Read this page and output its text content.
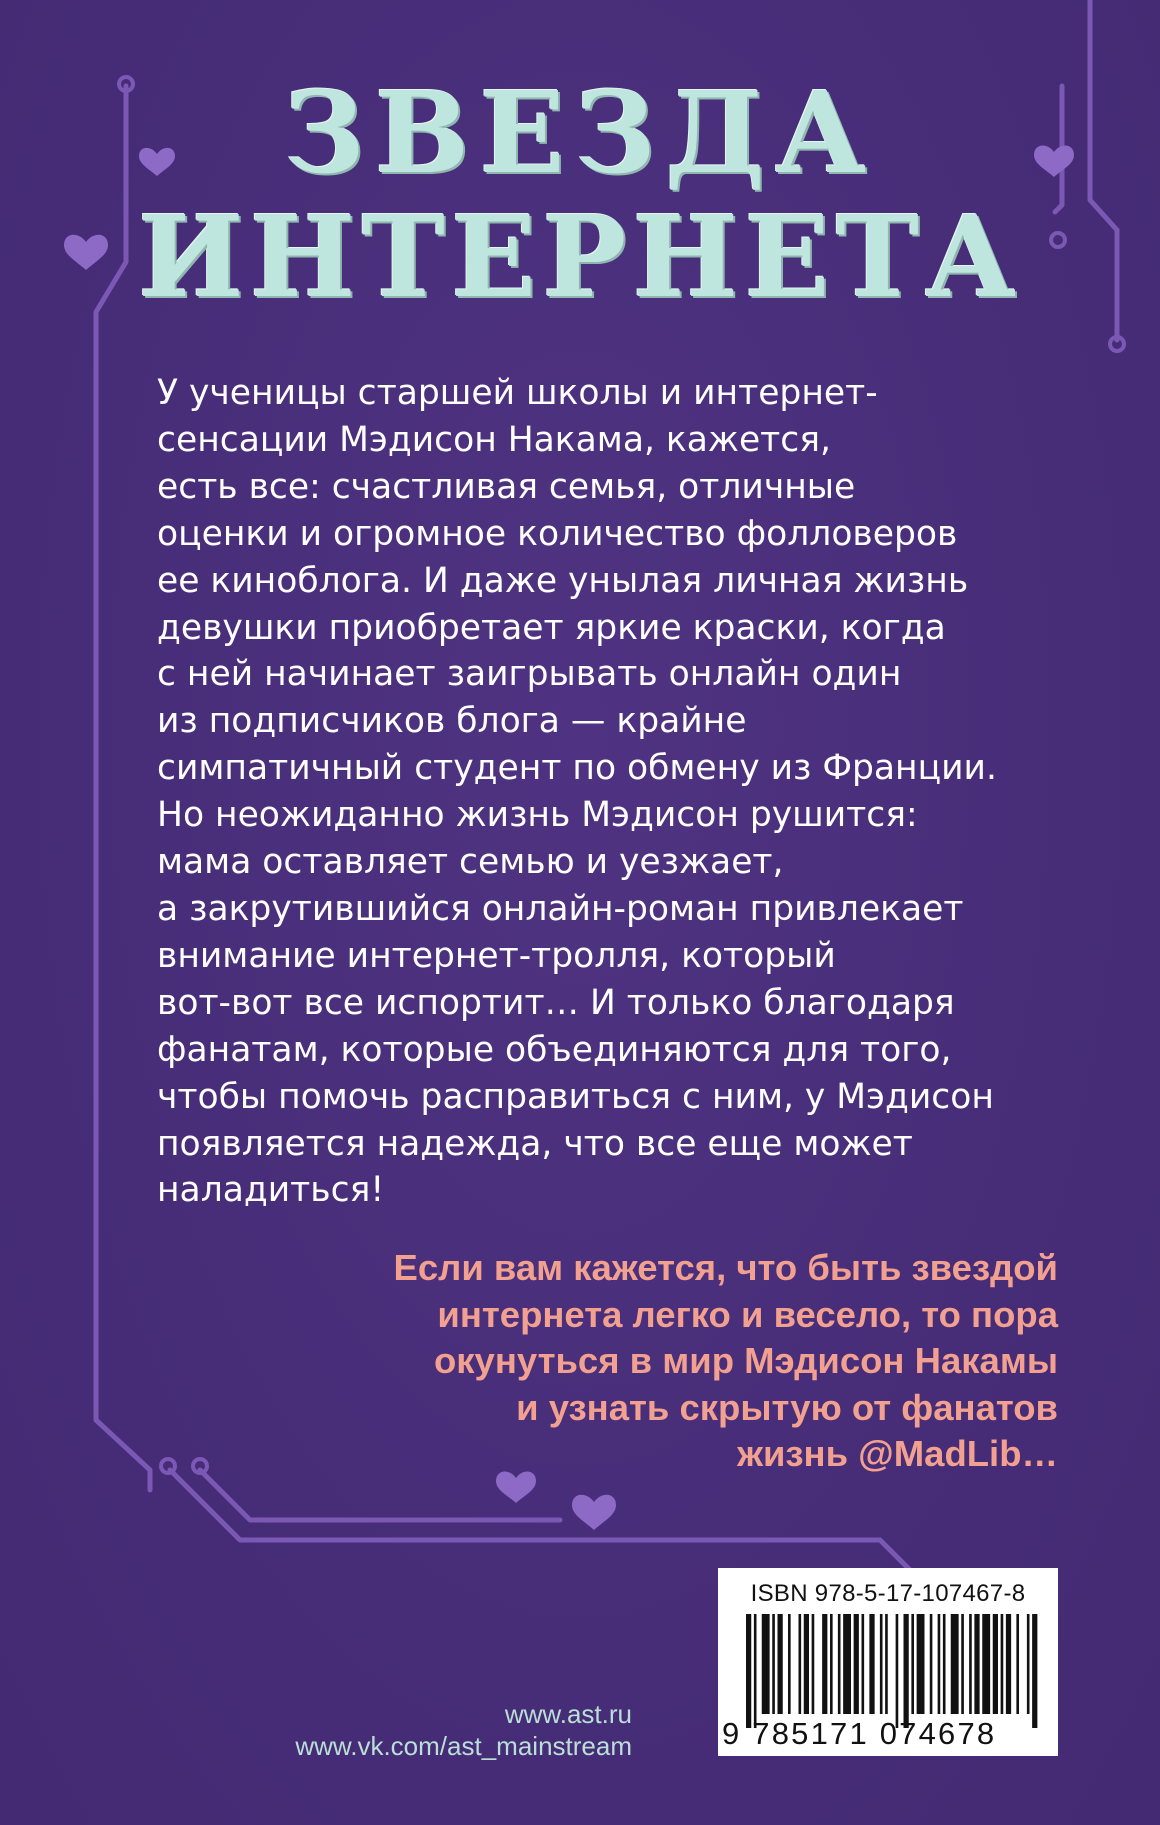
ЗВЕЗДА
ИНТЕРНЕТА

У ученицы старшей школы и интернет-
сенсации Мэдисон Накама, кажется,
есть все: счастливая семья, отличные
оценки и огромное количество фолловеров
ее киноблога. И даже унылая личная жизнь
девушки приобретает яркие краски, когда
с ней начинает заигрывать онлайн один
из подписчиков блога — крайне
симпатичный студент по обмену из Франции.
Но неожиданно жизнь Мэдисон рушится:
мама оставляет семью и уезжает,
а закрутившийся онлайн-роман привлекает
внимание интернет-тролля, который
вот-вот все испортит… И только благодаря
фанатам, которые объединяются для того,
чтобы помочь расправиться с ним, у Мэдисон
появляется надежда, что все еще может
наладиться!

Если вам кажется, что быть звездой
интернета легко и весело, то пора
окунуться в мир Мэдисон Накамы
и узнать скрытую от фанатов
жизнь @MadLib…

www.ast.ru
www.vk.com/ast_mainstream
ISBN 978-5-17-107467-8
9 785171 074678
